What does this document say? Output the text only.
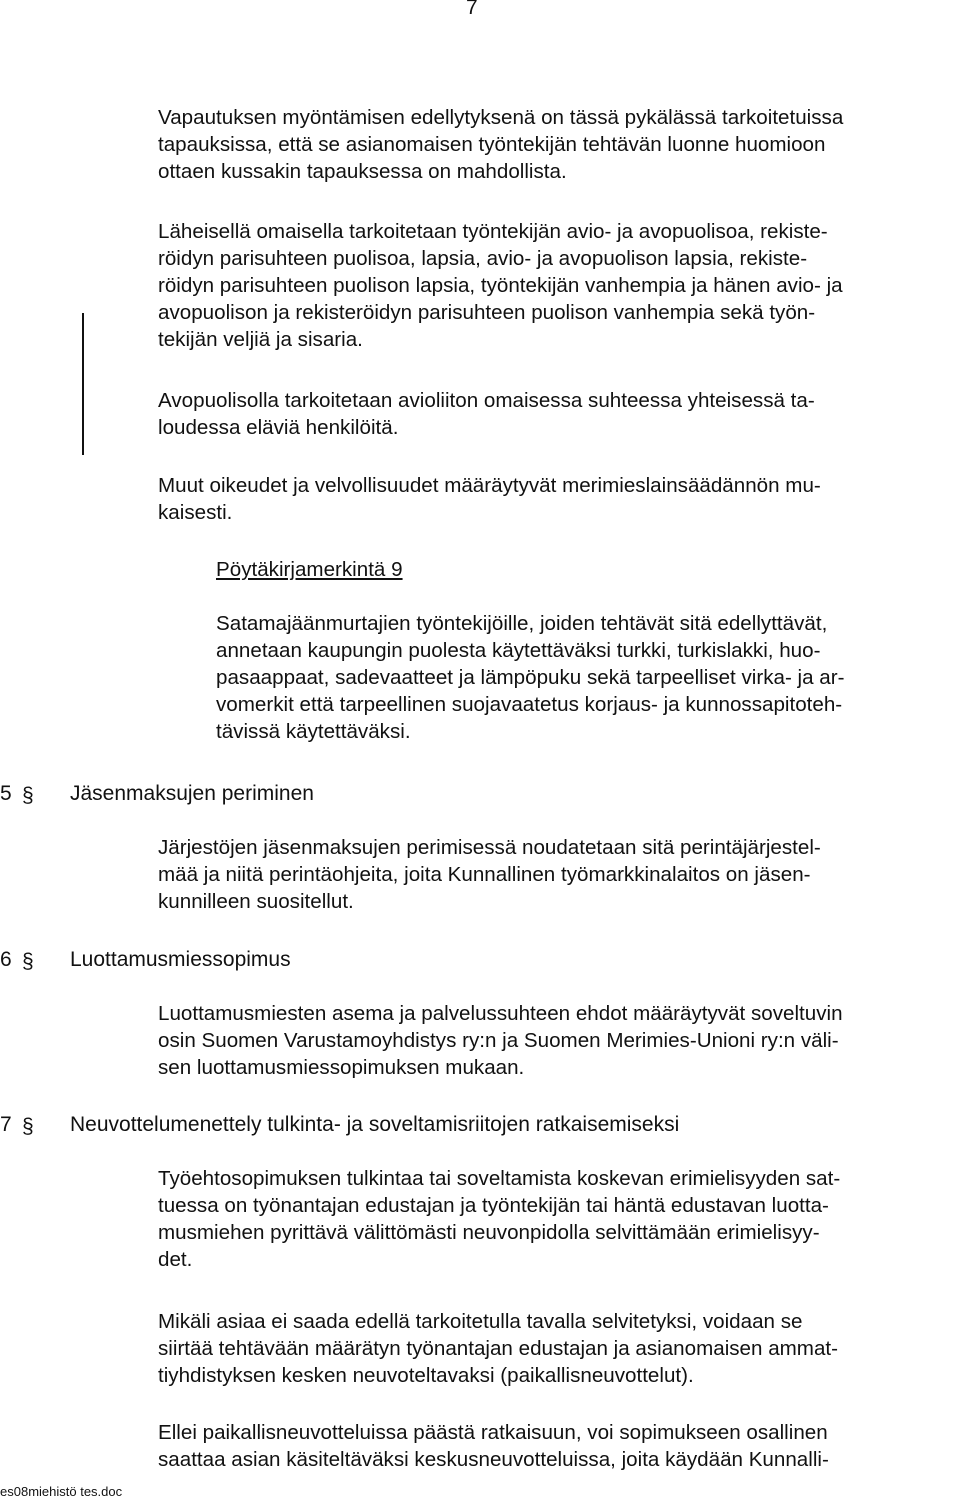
7
Vapautuksen myöntämisen edellytyksenä on tässä pykälässä tarkoitetuissa
tapauksissa, että se asianomaisen työntekijän tehtävän luonne huomioon
ottaen kussakin tapauksessa on mahdollista.
Läheisellä omaisella tarkoitetaan työntekijän avio- ja avopuolisoa, rekiste-
röidyn parisuhteen puolisoa, lapsia, avio- ja avopuolison lapsia, rekiste-
röidyn parisuhteen puolison lapsia, työntekijän vanhempia ja hänen avio- ja
avopuolison ja rekisteröidyn parisuhteen puolison vanhempia sekä työn-
tekijän veljiä ja sisaria.
Avopuolisolla tarkoitetaan avioliiton omaisessa suhteessa yhteisessä ta-
loudessa eläviä henkilöitä.
Muut oikeudet ja velvollisuudet määräytyvät merimieslainsäädännön mu-
kaisesti.
Pöytäkirjamerkintä 9
Satamajäänmurtajien työntekijöille, joiden tehtävät sitä edellyttävät,
annetaan kaupungin puolesta käytettäväksi turkki, turkislakki, huo-
pasaappaat, sadevaatteet ja lämpöpuku sekä tarpeelliset virka- ja ar-
vomerkit että tarpeellinen suojavaatetus korjaus- ja kunnossapitoteh-
tävissä käytettäväksi.
5 § Jäsenmaksujen periminen
Järjestöjen jäsenmaksujen perimisessä noudatetaan sitä perintäjärjestel-
mää ja niitä perintäohjeita, joita Kunnallinen työmarkkinalaitos on jäsen-
kunnilleen suositellut.
6 § Luottamusmiessopimus
Luottamusmiesten asema ja palvelussuhteen ehdot määräytyvät soveltuvin
osin Suomen Varustamoyhdistys ry:n ja Suomen Merimies-Unioni ry:n väli-
sen luottamusmiessopimuksen mukaan.
7 § Neuvottelumenettely tulkinta- ja soveltamisriitojen ratkaisemiseksi
Työehtosopimuksen tulkintaa tai soveltamista koskevan erimielisyyden sat-
tuessa on työnantajan edustajan ja työntekijän tai häntä edustavan luotta-
musmiehen pyrittävä välittömästi neuvonpidolla selvittämään erimielisyy-
det.
Mikäli asiaa ei saada edellä tarkoitetulla tavalla selvitetyksi, voidaan se
siirtää tehtävään määrätyn työnantajan edustajan ja asianomaisen ammat-
tiyhdistyksen kesken neuvoteltavaksi (paikallisneuvottelut).
Ellei paikallisneuvotteluissa päästä ratkaisuun, voi sopimukseen osallinen
saattaa asian käsiteltäväksi keskusneuvotteluissa, joita käydään Kunnalli-
es08miehistö tes.doc
